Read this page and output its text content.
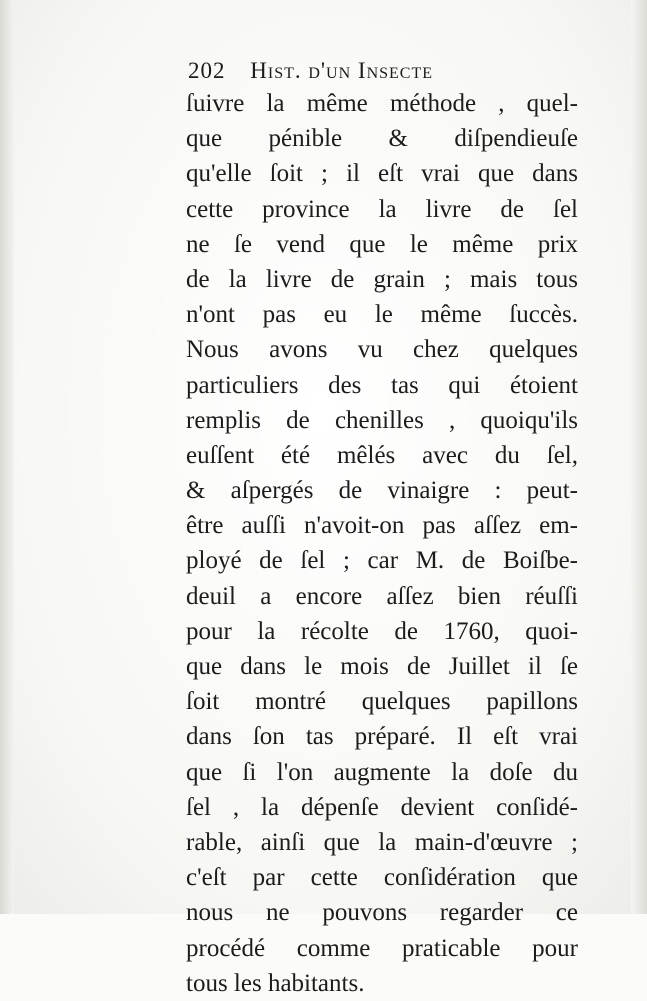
202 Hist. d'un Insecte
ſuivre la même méthode , quel-
que pénible & diſpendieuſe
qu'elle ſoit ; il eſt vrai que dans
cette province la livre de ſel
ne ſe vend que le même prix
de la livre de grain ; mais tous
n'ont pas eu le même ſuccès.
Nous avons vu chez quelques
particuliers des tas qui étoient
remplis de chenilles , quoiqu'ils
euſſent été mêlés avec du ſel,
& aſpergés de vinaigre : peut-
être auſſi n'avoit-on pas aſſez em-
ployé de ſel ; car M. de Boiſbe-
deuil a encore aſſez bien réuſſi
pour la récolte de 1760, quoi-
que dans le mois de Juillet il ſe
ſoit montré quelques papillons
dans ſon tas préparé. Il eſt vrai
que ſi l'on augmente la doſe du
ſel , la dépenſe devient conſidé-
rable, ainſi que la main-d'œuvre ;
c'eſt par cette conſidération que
nous ne pouvons regarder ce
procédé comme praticable pour
tous les habitants.
